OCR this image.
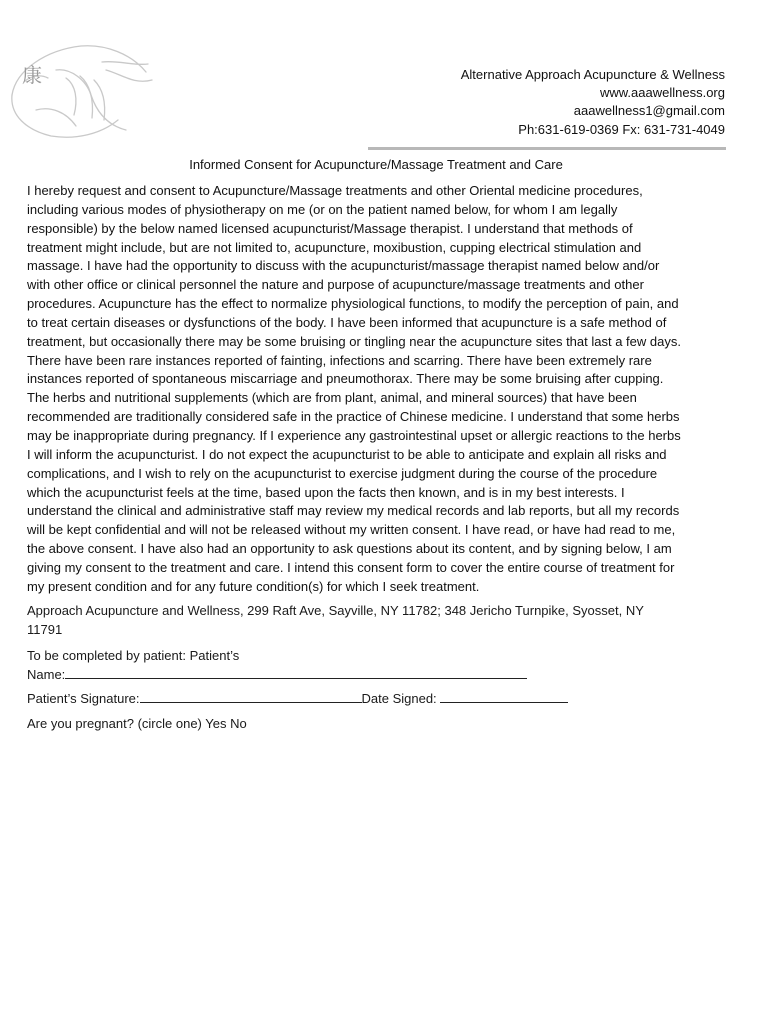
康	Alternative Approach Acupuncture & Wellness
www.aaawellness.org
aaawellness1@gmail.com
Ph:631-619-0369 Fx: 631-731-4049
Informed Consent for Acupuncture/Massage Treatment and Care
I hereby request and consent to Acupuncture/Massage treatments and other Oriental medicine procedures,
including various modes of physiotherapy on me (or on the patient named below, for whom I am legally
responsible) by the below named licensed acupuncturist/Massage therapist. I understand that methods of
treatment might include, but are not limited to, acupuncture, moxibustion, cupping electrical stimulation and
massage. I have had the opportunity to discuss with the acupuncturist/massage therapist named below and/or
with other office or clinical personnel the nature and purpose of acupuncture/massage treatments and other
procedures. Acupuncture has the effect to normalize physiological functions, to modify the perception of pain, and
to treat certain diseases or dysfunctions of the body. I have been informed that acupuncture is a safe method of
treatment, but occasionally there may be some bruising or tingling near the acupuncture sites that last a few days.
There have been rare instances reported of fainting, infections and scarring. There have been extremely rare
instances reported of spontaneous miscarriage and pneumothorax. There may be some bruising after cupping.
The herbs and nutritional supplements (which are from plant, animal, and mineral sources) that have been
recommended are traditionally considered safe in the practice of Chinese medicine. I understand that some herbs
may be inappropriate during pregnancy. If I experience any gastrointestinal upset or allergic reactions to the herbs
I will inform the acupuncturist. I do not expect the acupuncturist to be able to anticipate and explain all risks and
complications, and I wish to rely on the acupuncturist to exercise judgment during the course of the procedure
which the acupuncturist feels at the time, based upon the facts then known, and is in my best interests. I
understand the clinical and administrative staff may review my medical records and lab reports, but all my records
will be kept confidential and will not be released without my written consent. I have read, or have had read to me,
the above consent. I have also had an opportunity to ask questions about its content, and by signing below, I am
giving my consent to the treatment and care. I intend this consent form to cover the entire course of treatment for
my present condition and for any future condition(s) for which I seek treatment.
Approach Acupuncture and Wellness, 299 Raft Ave, Sayville, NY 11782; 348 Jericho Turnpike, Syosset, NY
11791
To be completed by patient: Patient’s
Name:
Patient’s Signature:	Date Signed:
Are you pregnant? (circle one) Yes No
